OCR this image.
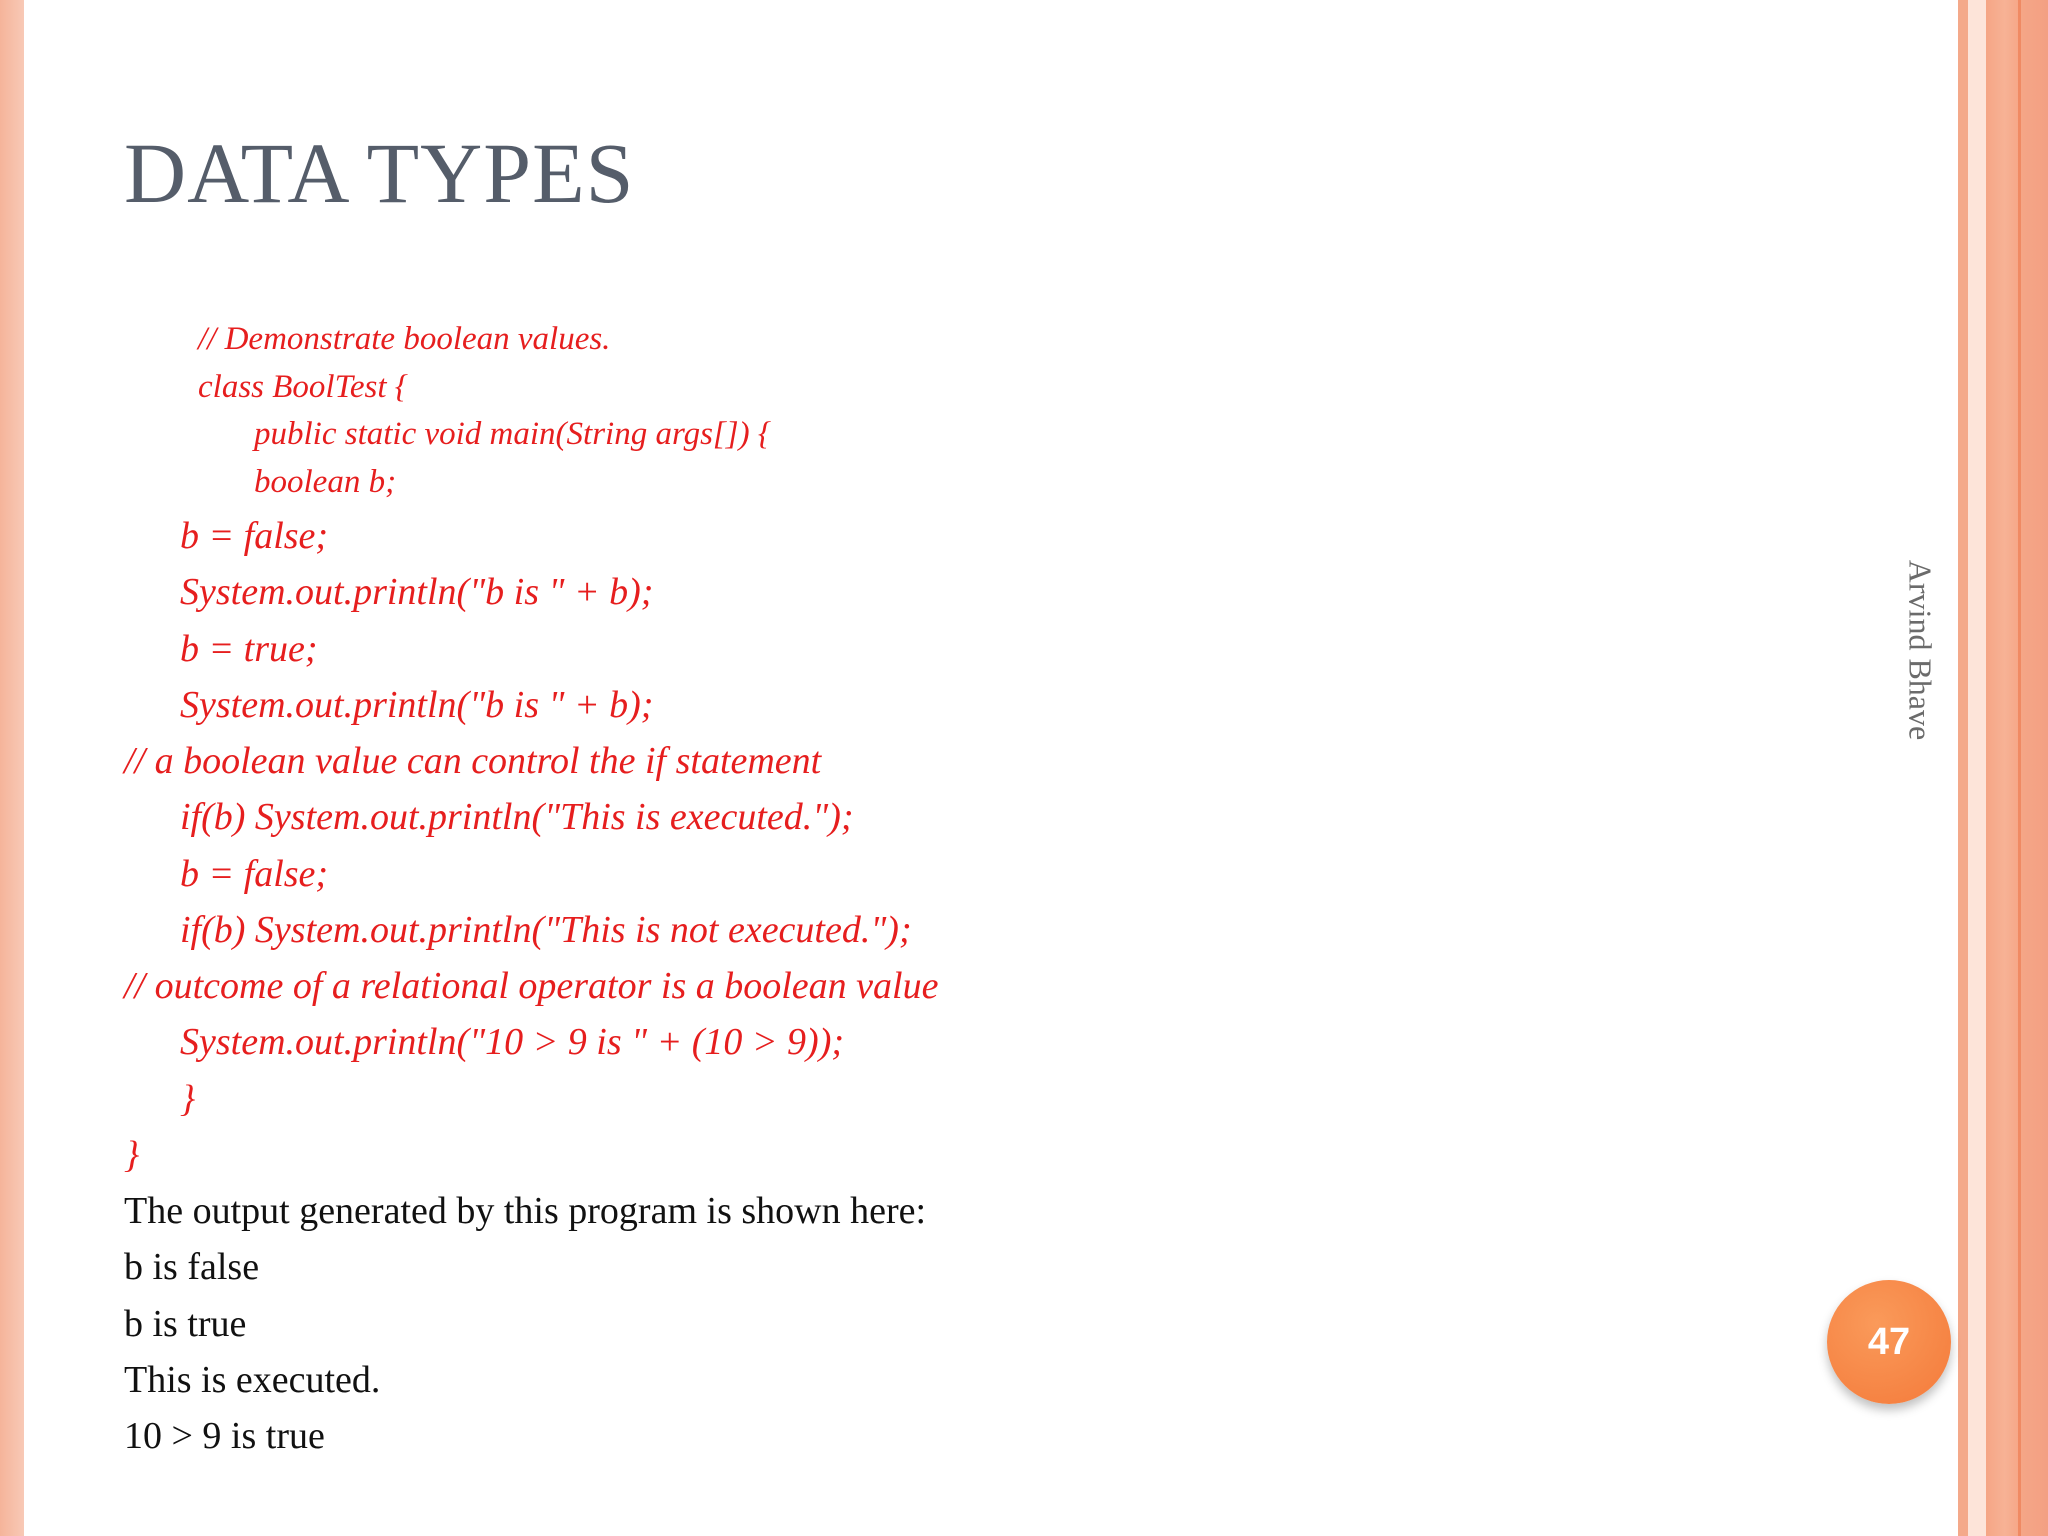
DATA TYPES
// Demonstrate boolean values.
class BoolTest {
public static void main(String args[]) {
boolean b;
b = false;
System.out.println("b is " + b);
b = true;
System.out.println("b is " + b);
// a boolean value can control the if statement
if(b) System.out.println("This is executed.");
b = false;
if(b) System.out.println("This is not executed.");
// outcome of a relational operator is a boolean value
System.out.println("10 > 9 is " + (10 > 9));
}
}
The output generated by this program is shown here:
b is false
b is true
This is executed.
10 > 9 is true
Arvind Bhave
47
